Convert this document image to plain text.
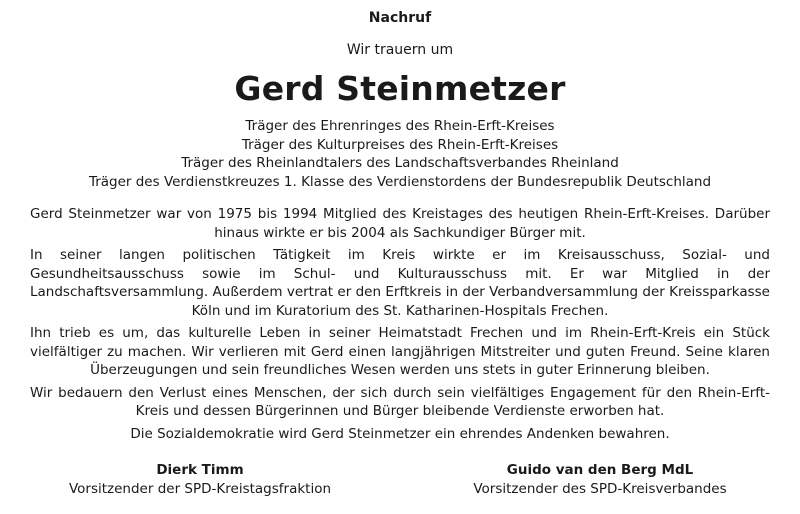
Nachruf
Wir trauern um
Gerd Steinmetzer
Träger des Ehrenringes des Rhein-Erft-Kreises
Träger des Kulturpreises des Rhein-Erft-Kreises
Träger des Rheinlandtalers des Landschaftsverbandes Rheinland
Träger des Verdienstkreuzes 1. Klasse des Verdienstordens der Bundesrepublik Deutschland

Gerd Steinmetzer war von 1975 bis 1994 Mitglied des Kreistages des heutigen Rhein-Erft-Kreises. Darüber hinaus wirkte er bis 2004 als Sachkundiger Bürger mit.

In seiner langen politischen Tätigkeit im Kreis wirkte er im Kreisausschuss, Sozial- und Gesundheitsausschuss sowie im Schul- und Kulturausschuss mit. Er war Mitglied in der Landschaftsversammlung. Außerdem vertrat er den Erftkreis in der Verbandversammlung der Kreissparkasse Köln und im Kuratorium des St. Katharinen-Hospitals Frechen.

Ihn trieb es um, das kulturelle Leben in seiner Heimatstadt Frechen und im Rhein-Erft-Kreis ein Stück vielfältiger zu machen. Wir verlieren mit Gerd einen langjährigen Mitstreiter und guten Freund. Seine klaren Überzeugungen und sein freundliches Wesen werden uns stets in guter Erinnerung bleiben.

Wir bedauern den Verlust eines Menschen, der sich durch sein vielfältiges Engagement für den Rhein-Erft-Kreis und dessen Bürgerinnen und Bürger bleibende Verdienste erworben hat.

Die Sozialdemokratie wird Gerd Steinmetzer ein ehrendes Andenken bewahren.

Dierk Timm
Vorsitzender der SPD-Kreistagsfraktion
Guido van den Berg MdL
Vorsitzender des SPD-Kreisverbandes
